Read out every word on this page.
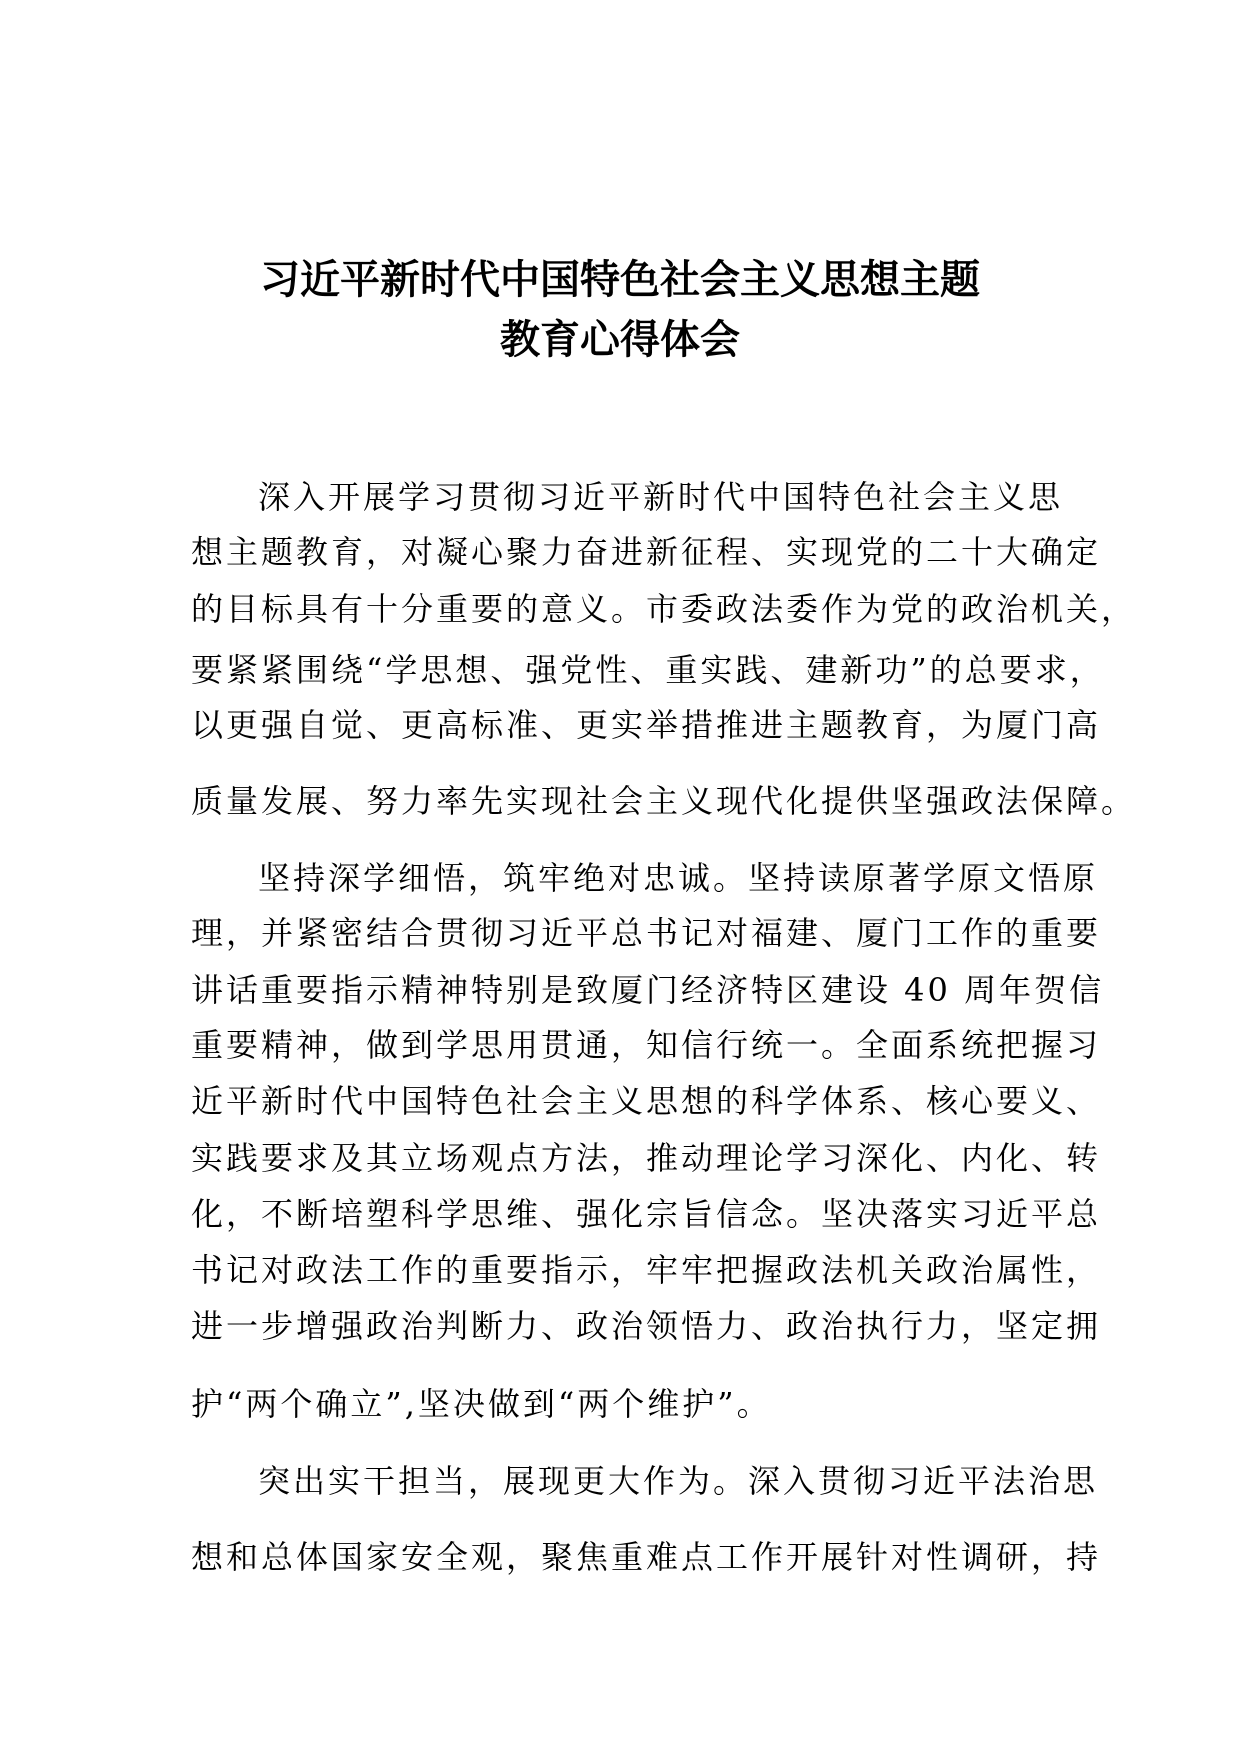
习近平新时代中国特色社会主义思想主题
教育心得体会
深入开展学习贯彻习近平新时代中国特色社会主义思
想主题教育，对凝心聚力奋进新征程、实现党的二十大确定
的目标具有十分重要的意义。市委政法委作为党的政治机关，
要紧紧围绕“学思想、强党性、重实践、建新功”的总要求，
以更强自觉、更高标准、更实举措推进主题教育，为厦门高
质量发展、努力率先实现社会主义现代化提供坚强政法保障。
坚持深学细悟，筑牢绝对忠诚。坚持读原著学原文悟原
理，并紧密结合贯彻习近平总书记对福建、厦门工作的重要
讲话重要指示精神特别是致厦门经济特区建设 40 周年贺信
重要精神，做到学思用贯通，知信行统一。全面系统把握习
近平新时代中国特色社会主义思想的科学体系、核心要义、
实践要求及其立场观点方法，推动理论学习深化、内化、转
化，不断培塑科学思维、强化宗旨信念。坚决落实习近平总
书记对政法工作的重要指示，牢牢把握政法机关政治属性，
进一步增强政治判断力、政治领悟力、政治执行力，坚定拥
护“两个确立”,坚决做到“两个维护”。
突出实干担当，展现更大作为。深入贯彻习近平法治思
想和总体国家安全观，聚焦重难点工作开展针对性调研，持
